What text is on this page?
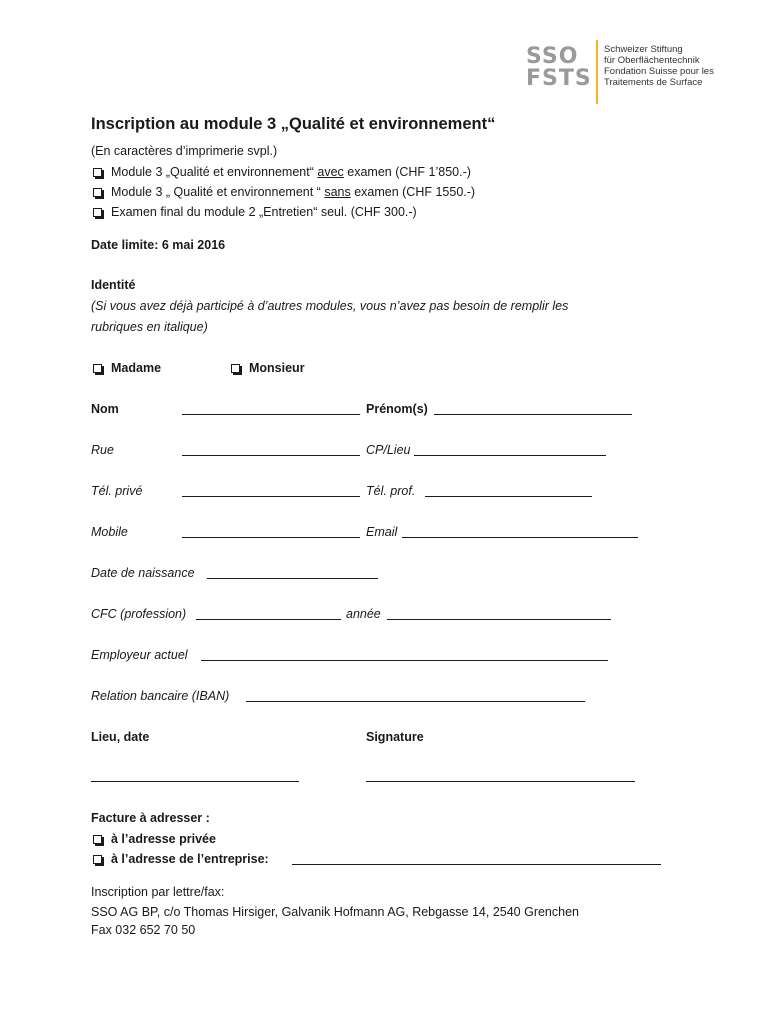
SSO
FSTS
Schweizer Stiftung
für Oberflächentechnik
Fondation Suisse pour les
Traitements de Surface
Inscription au module 3 „Qualité et environnement“
(En caractères d’imprimerie svpl.)
Module 3 „Qualité et environnement“ avec examen (CHF 1’850.-)
Module 3 „ Qualité et environnement “ sans examen (CHF 1550.-)
Examen final du module 2 „Entretien“ seul. (CHF 300.-)
Date limite: 6 mai 2016
Identité
(Si vous avez déjà participé à d’autres modules, vous n’avez pas besoin de remplir les
rubriques en italique)
Madame	Monsieur
Nom	Prénom(s)
Rue	CP/Lieu
Tél. privé	Tél. prof.
Mobile	Email
Date de naissance
CFC (profession)	année
Employeur actuel
Relation bancaire (IBAN)
Lieu, date	Signature
Facture à adresser :
à l’adresse privée
à l’adresse de l’entreprise:
Inscription par lettre/fax:
SSO AG BP, c/o Thomas Hirsiger, Galvanik Hofmann AG, Rebgasse 14, 2540 Grenchen
Fax 032 652 70 50
